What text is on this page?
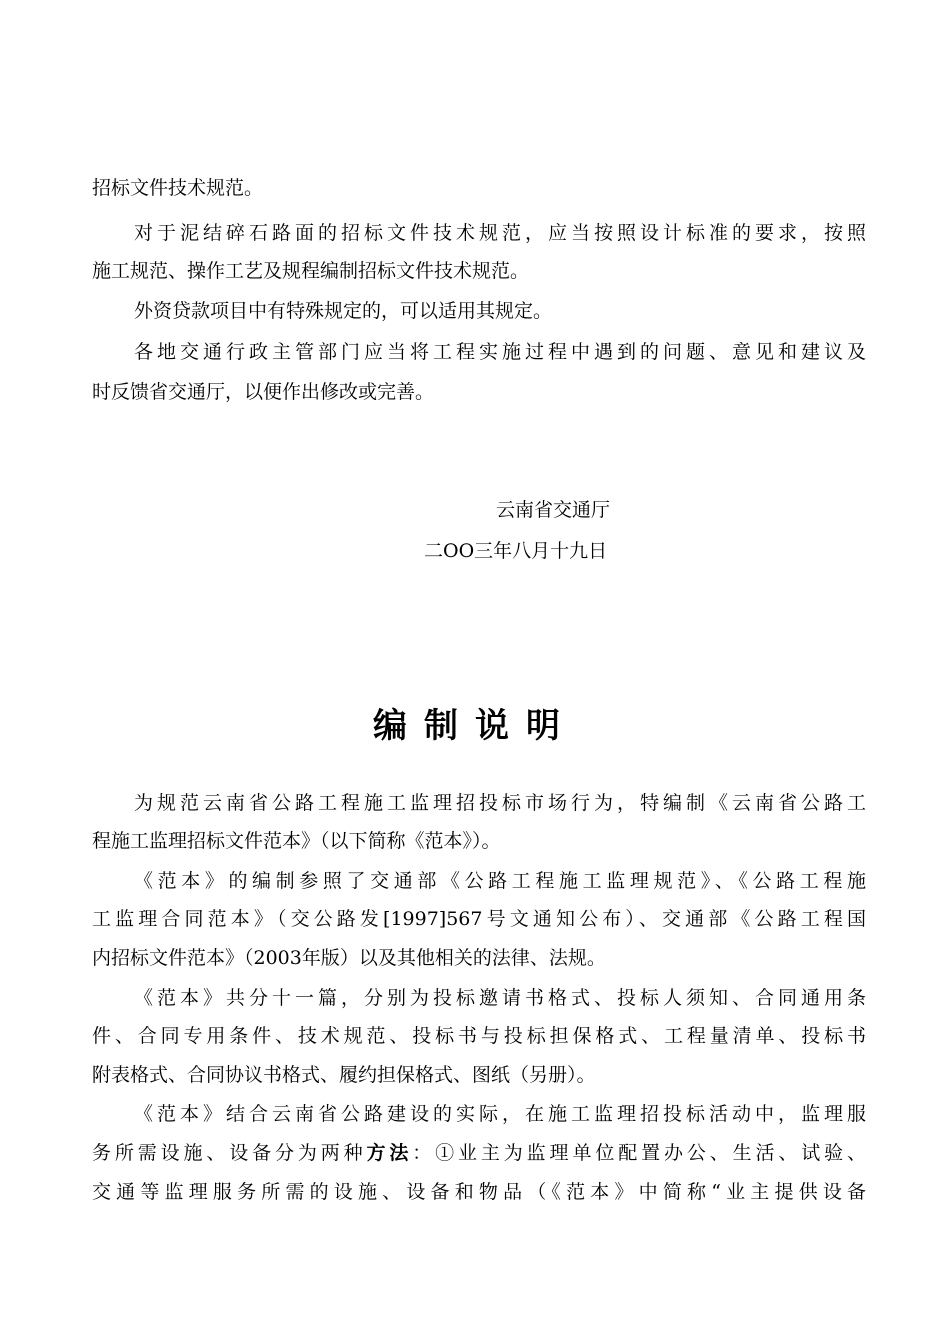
招标文件技术规范。
对于泥结碎石路面的招标文件技术规范，应当按照设计标准的要求，按照
施工规范、操作工艺及规程编制招标文件技术规范。
外资贷款项目中有特殊规定的，可以适用其规定。
各地交通行政主管部门应当将工程实施过程中遇到的问题、意见和建议及
时反馈省交通厅，以便作出修改或完善。
云南省交通厅
二OO三年八月十九日
编制说明
为规范云南省公路工程施工监理招投标市场行为，特编制《云南省公路工
程施工监理招标文件范本》（以下简称《范本》）。
《范本》的编制参照了交通部《公路工程施工监理规范》、《公路工程施
工监理合同范本》（交公路发[1997]567号文通知公布）、交通部《公路工程国
内招标文件范本》（2003年版）以及其他相关的法律、法规。
《范本》共分十一篇，分别为投标邀请书格式、投标人须知、合同通用条
件、合同专用条件、技术规范、投标书与投标担保格式、工程量清单、投标书
附表格式、合同协议书格式、履约担保格式、图纸（另册）。
《范本》结合云南省公路建设的实际，在施工监理招投标活动中，监理服
务所需设施、设备分为两种方法：①业主为监理单位配置办公、生活、试验、
交通等监理服务所需的设施、设备和物品（《范本》中简称“业主提供设备
